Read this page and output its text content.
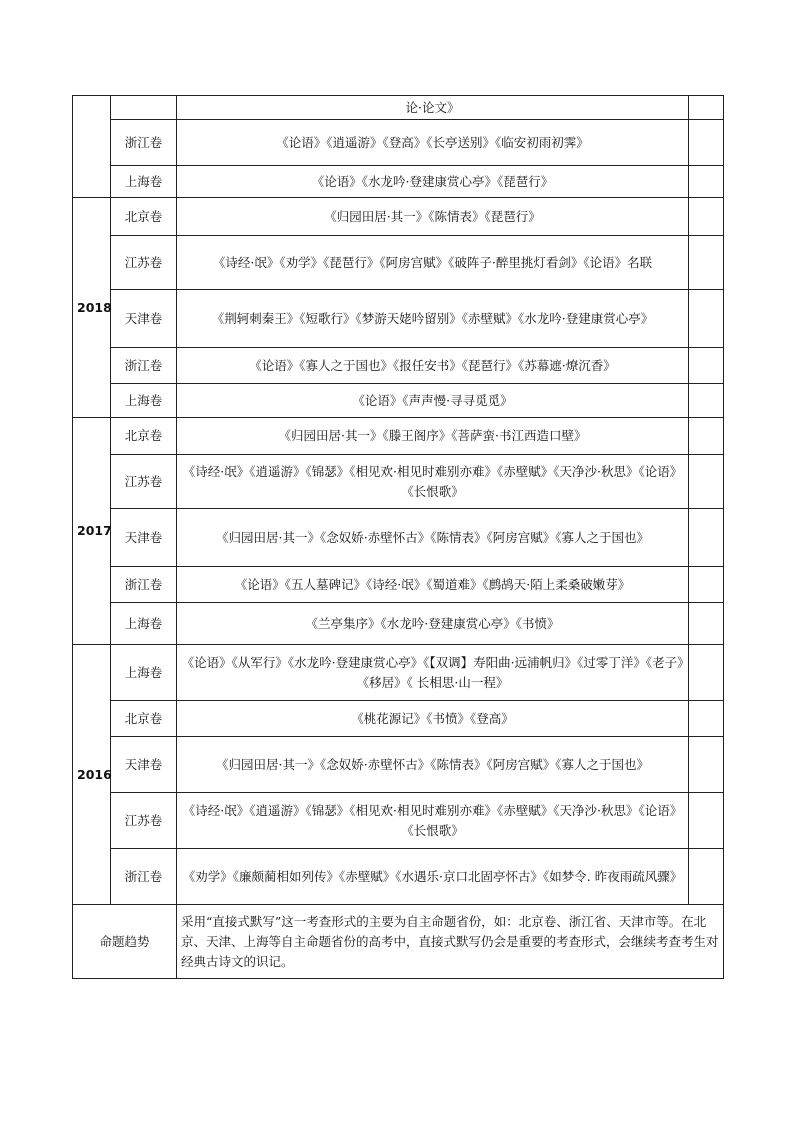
		论·论文》	
	浙江卷	《论语》《逍遥游》《登高》《长亭送别》《临安初雨初霁》	
	上海卷	《论语》《水龙吟·登建康赏心亭》《琵琶行》	
2018	北京卷	《归园田居·其一》《陈情表》《琵琶行》	
	江苏卷	《诗经·氓》《劝学》《琵琶行》《阿房宫赋》《破阵子·醉里挑灯看剑》《论语》名联	
	天津卷	《荆轲刺秦王》《短歌行》《梦游天姥吟留别》《赤壁赋》《水龙吟·登建康赏心亭》	
	浙江卷	《论语》《寡人之于国也》《报任安书》《琵琶行》《苏幕遮·燎沉香》	
	上海卷	《论语》《声声慢·寻寻觅觅》	
2017	北京卷	《归园田居·其一》《滕王阁序》《菩萨蛮·书江西造口壁》	
	江苏卷	《诗经·氓》《逍遥游》《锦瑟》《相见欢·相见时难别亦难》《赤壁赋》《天净沙·秋思》《论语》《长恨歌》	
	天津卷	《归园田居·其一》《念奴娇·赤壁怀古》《陈情表》《阿房宫赋》《寡人之于国也》	
	浙江卷	《论语》《五人墓碑记》《诗经·氓》《蜀道难》《鹧鸪天·陌上柔桑破嫩芽》	
	上海卷	《兰亭集序》《水龙吟·登建康赏心亭》《书愤》	
2016	上海卷	《论语》《从军行》《水龙吟·登建康赏心亭》《【双调】寿阳曲·远浦帆归》《过零丁洋》《老子》《移居》《 长相思·山一程》	
	北京卷	《桃花源记》《书愤》《登高》	
	天津卷	《归园田居·其一》《念奴娇·赤壁怀古》《陈情表》《阿房宫赋》《寡人之于国也》	
	江苏卷	《诗经·氓》《逍遥游》《锦瑟》《相见欢·相见时难别亦难》《赤壁赋》《天净沙·秋思》《论语》《长恨歌》	
	浙江卷	《劝学》《廉颇蔺相如列传》《赤壁赋》《水遇乐·京口北固亭怀古》《如梦令. 昨夜雨疏风骤》	
命题趋势		采用“直接式默写”这一考查形式的主要为自主命题省份，如：北京卷、浙江省、天津市等。在北京、天津、上海等自主命题省份的高考中，直接式默写仍会是重要的考查形式，会继续考查考生对经典古诗文的识记。	
